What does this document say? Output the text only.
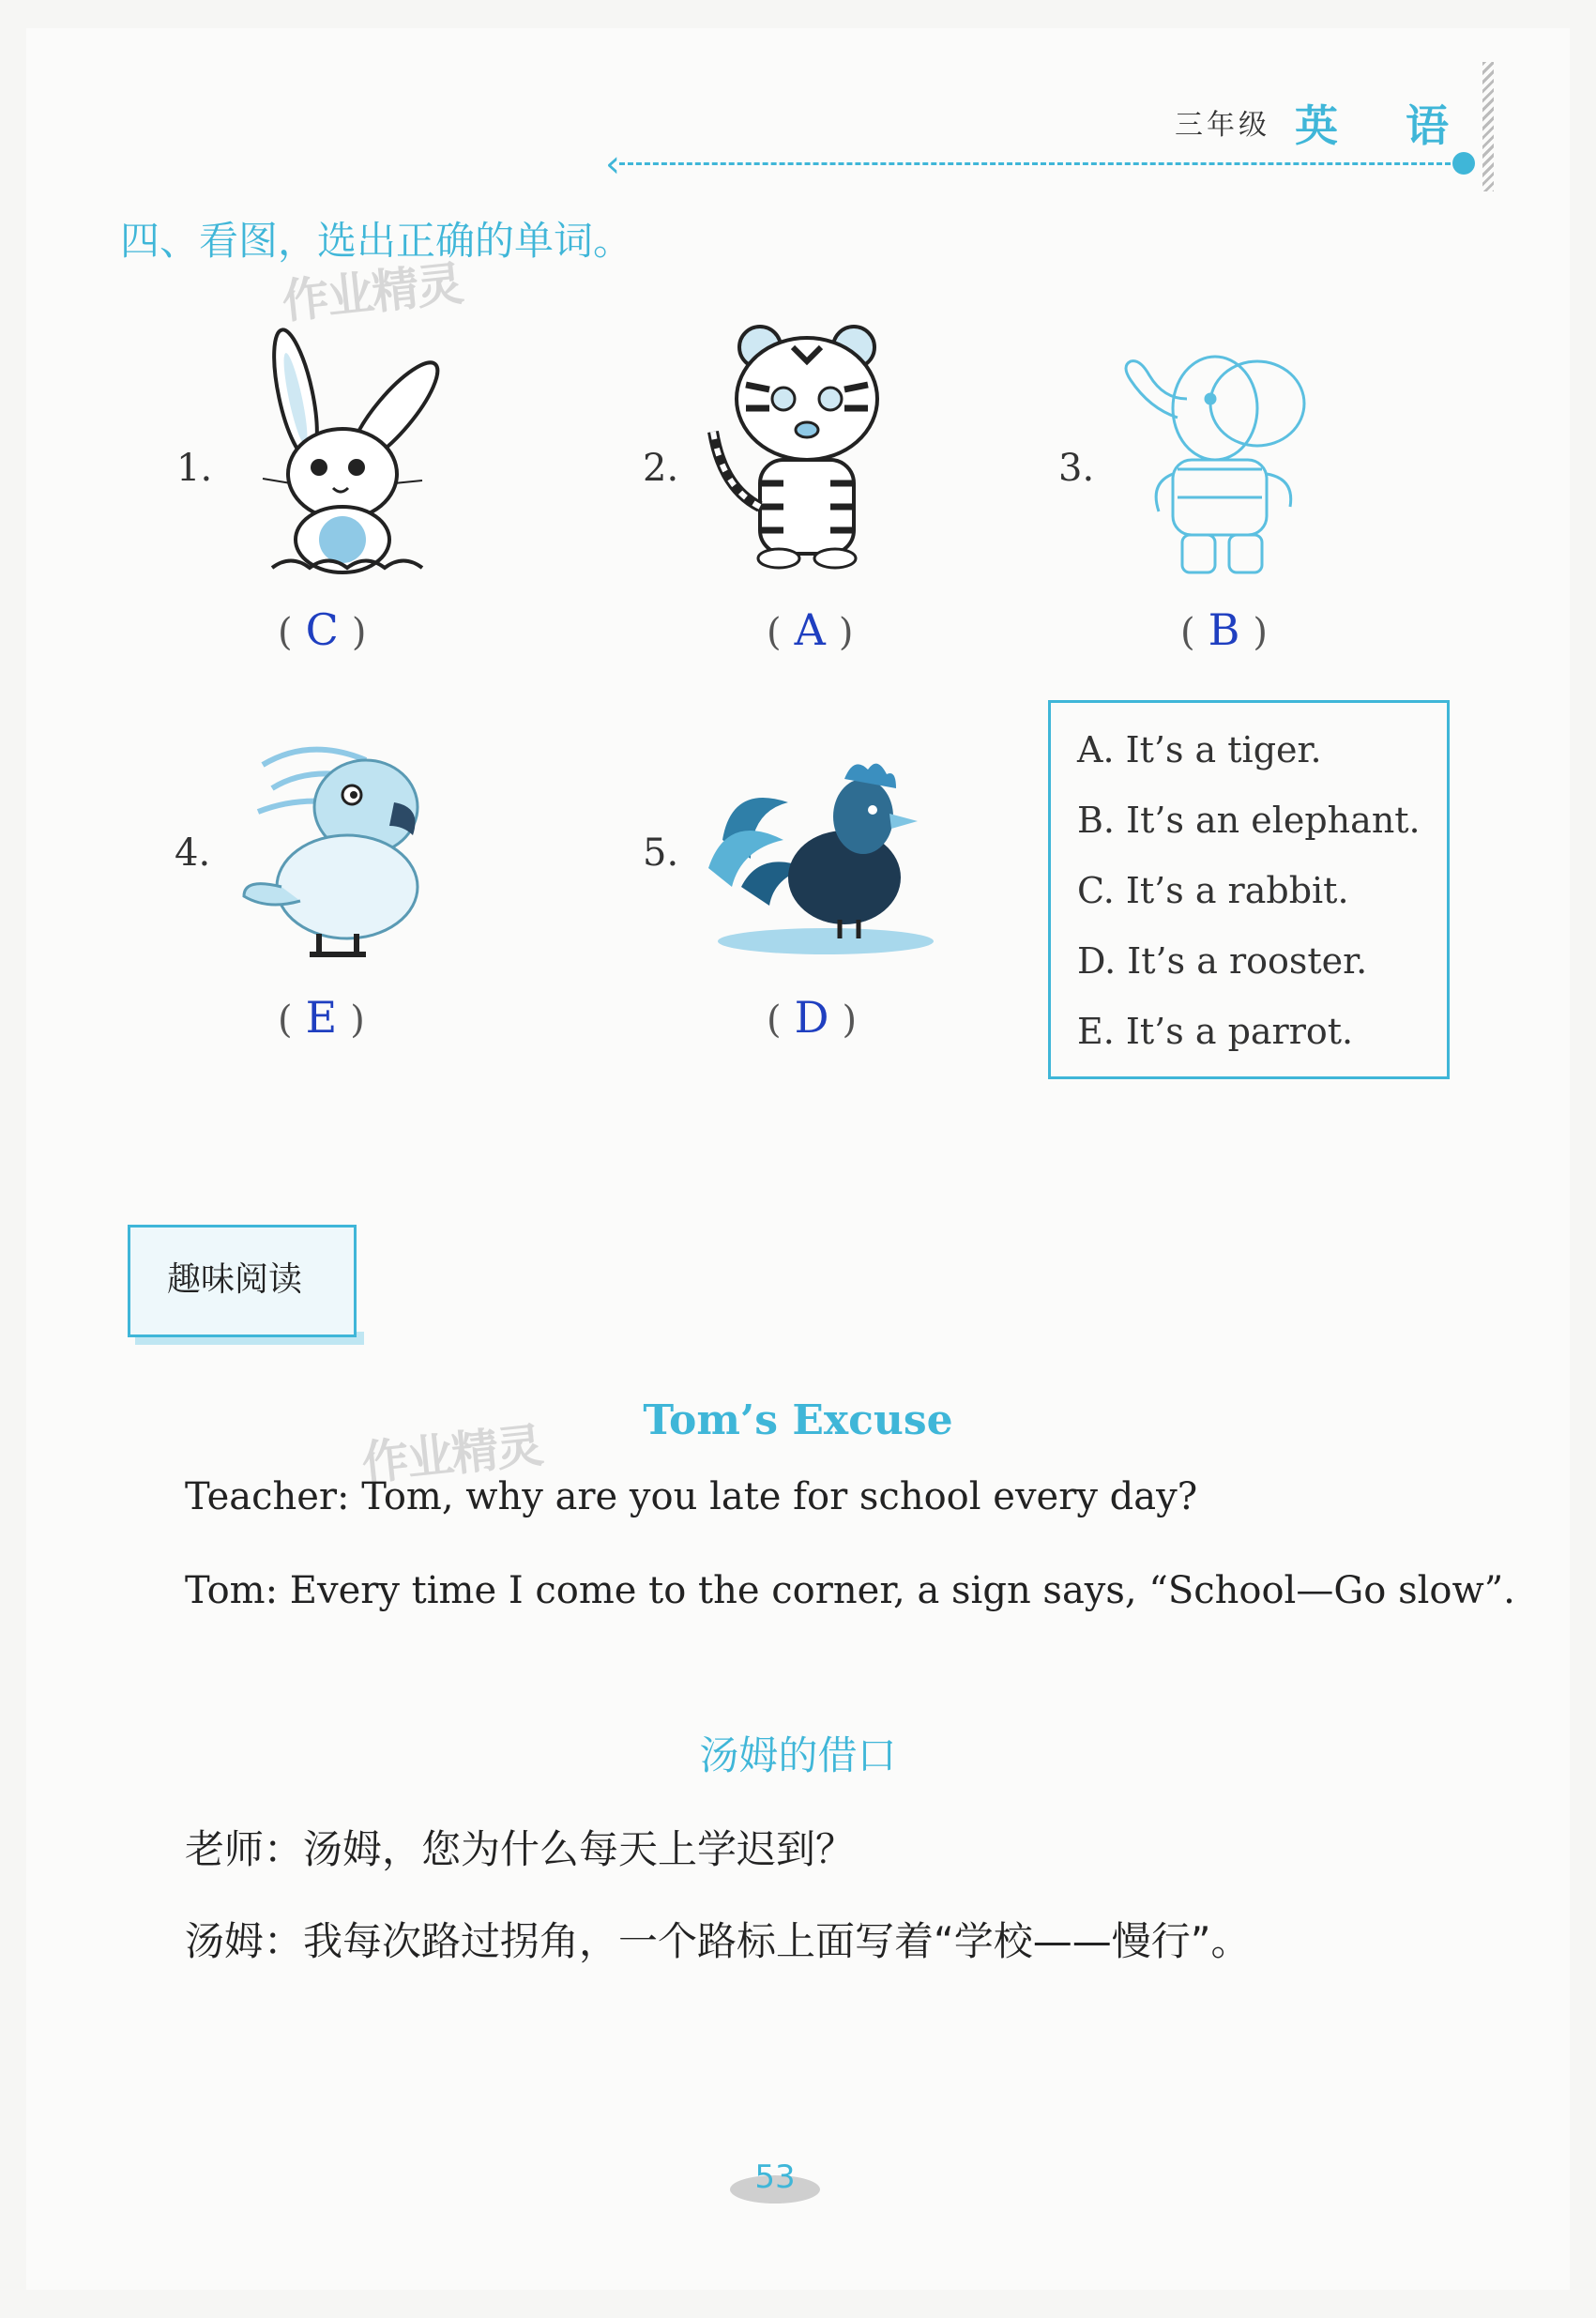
三年级 英 语
‹
四、看图，选出正确的单词。
作业精灵
1.
( C )
2.
( A )
3.
( B )
4.
( E )
5.
( D )
A. It’s a tiger.
B. It’s an elephant.
C. It’s a rabbit.
D. It’s a rooster.
E. It’s a parrot.
趣味阅读
Tom’s Excuse
作业精灵
Teacher: Tom, why are you late for school every day?
Tom: Every time I come to the corner, a sign says, “School—Go slow”.
汤姆的借口
老师：汤姆，您为什么每天上学迟到？
汤姆：我每次路过拐角，一个路标上面写着“学校——慢行”。
53
